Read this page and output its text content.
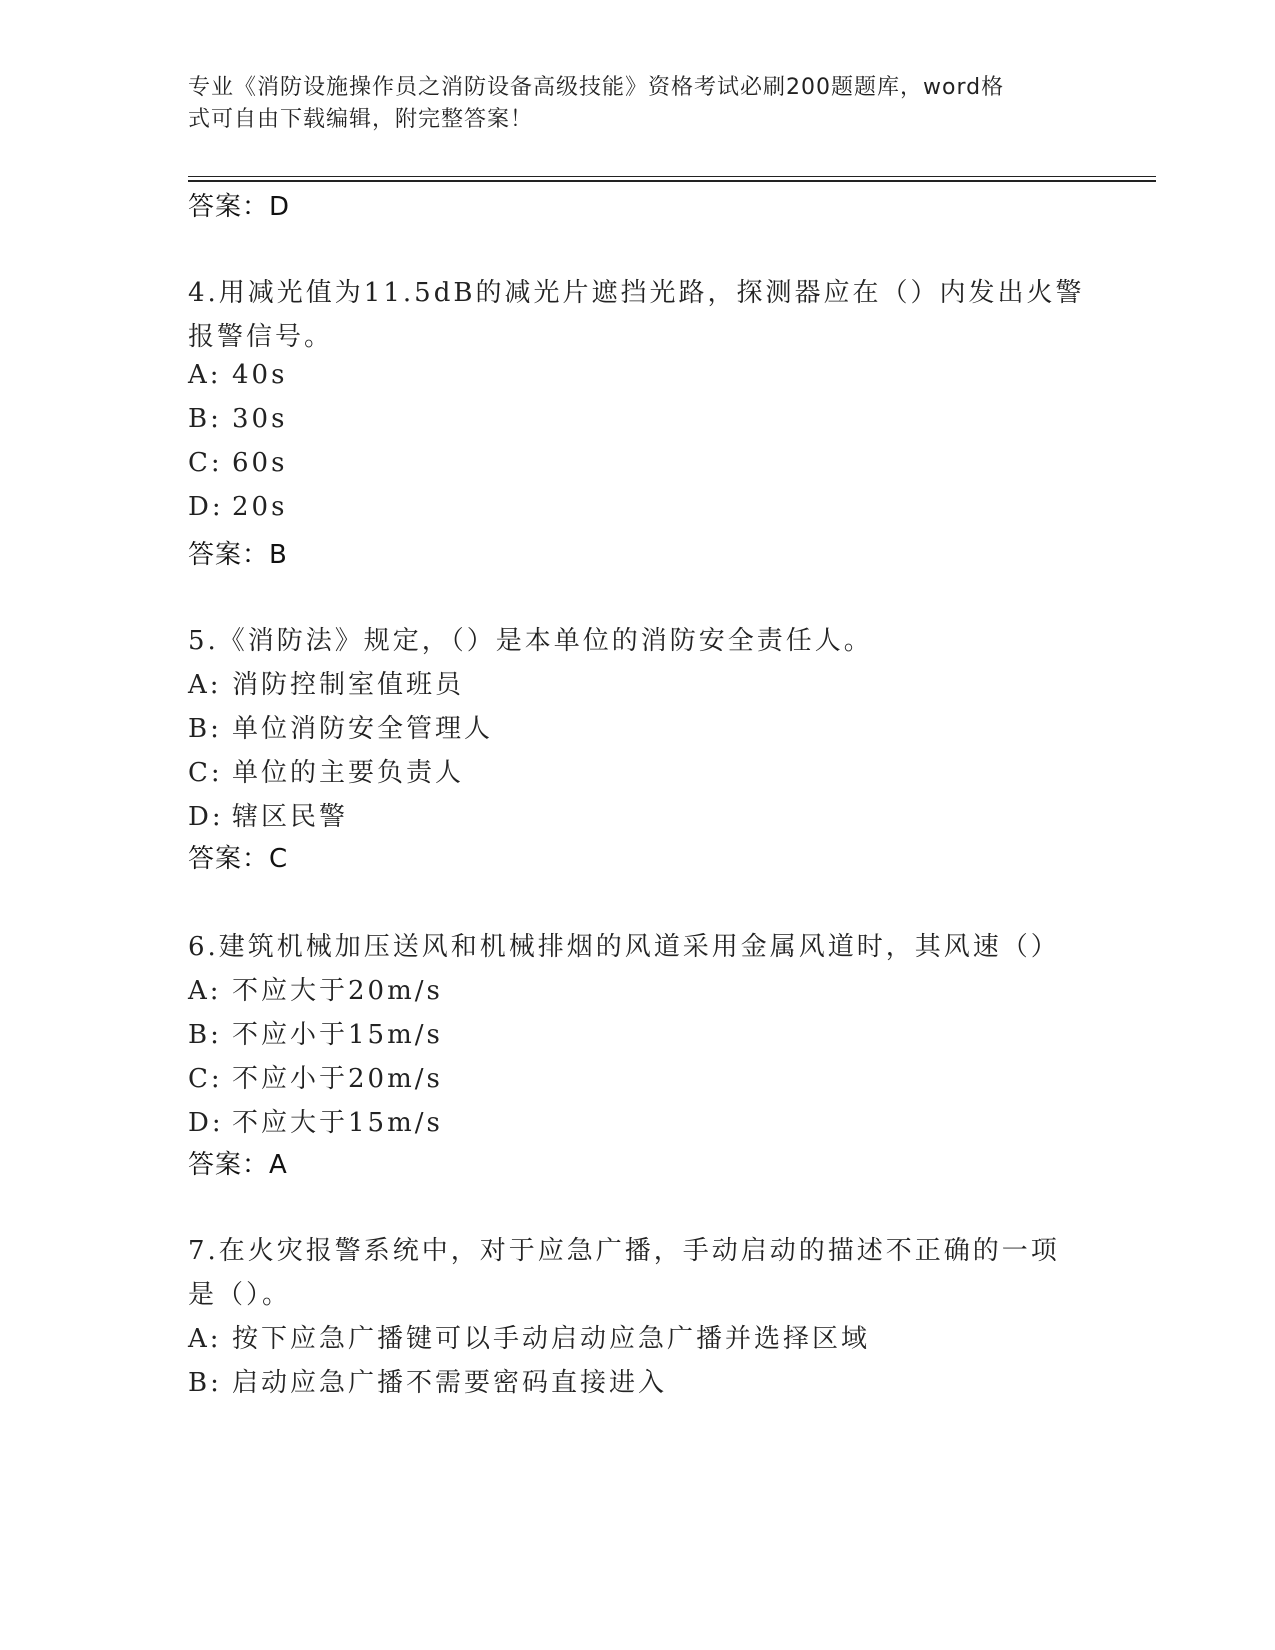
专业《消防设施操作员之消防设备高级技能》资格考试必刷200题题库，word格
式可自由下载编辑，附完整答案！
答案：D
4.用减光值为11.5dB的减光片遮挡光路，探测器应在（）内发出火警
报警信号。
A: 40s
B: 30s
C: 60s
D: 20s
答案：B
5.《消防法》规定，（）是本单位的消防安全责任人。
A: 消防控制室值班员
B: 单位消防安全管理人
C: 单位的主要负责人
D: 辖区民警
答案：C
6.建筑机械加压送风和机械排烟的风道采用金属风道时，其风速（）
A: 不应大于20m/s
B: 不应小于15m/s
C: 不应小于20m/s
D: 不应大于15m/s
答案：A
7.在火灾报警系统中，对于应急广播，手动启动的描述不正确的一项
是（）。
A: 按下应急广播键可以手动启动应急广播并选择区域
B: 启动应急广播不需要密码直接进入
